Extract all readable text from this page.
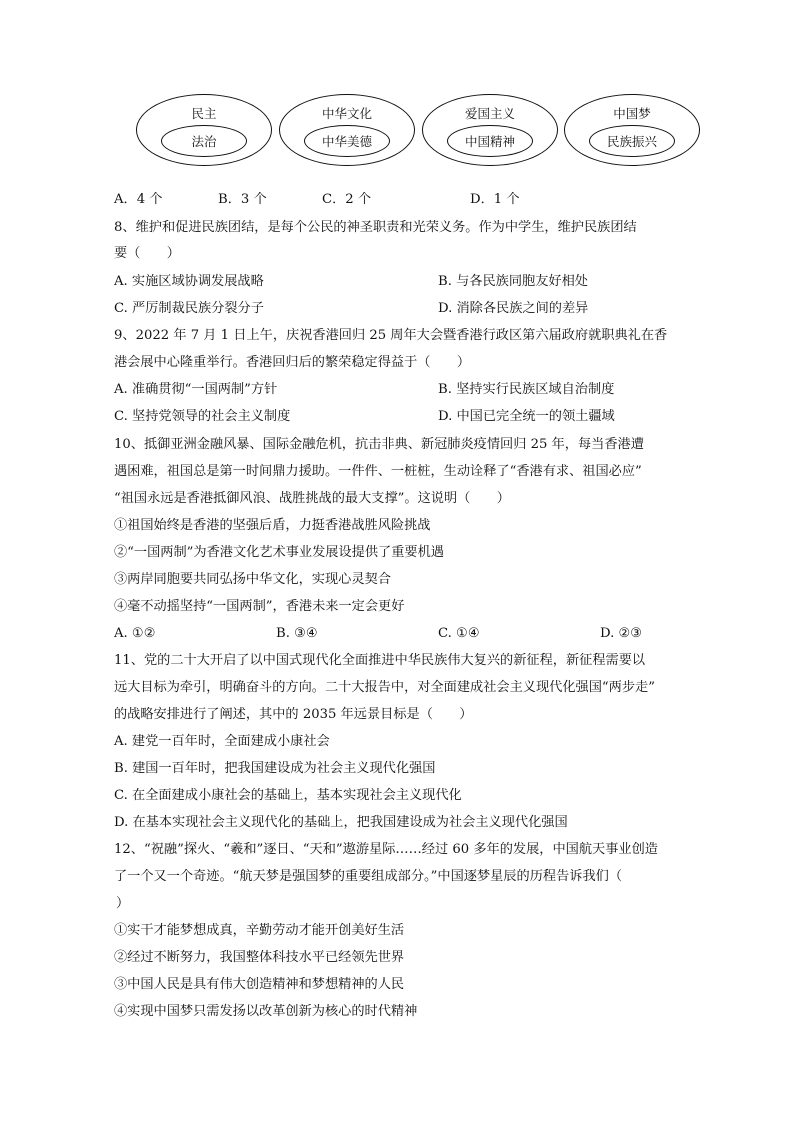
民主
法治
中华文化
中华美德
爱国主义
中国精神
中国梦
民族振兴
A．4 个	B．3 个	C．2 个	D．1 个
8、维护和促进民族团结，是每个公民的神圣职责和光荣义务。作为中学生，维护民族团结
要（　　）
A. 实施区域协调发展战略	B. 与各民族同胞友好相处
C. 严厉制裁民族分裂分子	D. 消除各民族之间的差异
9、2022 年 7 月 1 日上午，庆祝香港回归 25 周年大会暨香港行政区第六届政府就职典礼在香
港会展中心隆重举行。香港回归后的繁荣稳定得益于（　　）
A. 准确贯彻“一国两制”方针	B. 坚持实行民族区域自治制度
C. 坚持党领导的社会主义制度	D. 中国已完全统一的领土疆域
10、抵御亚洲金融风暴、国际金融危机，抗击非典、新冠肺炎疫情回归 25 年，每当香港遭
遇困难，祖国总是第一时间鼎力援助。一件件、一桩桩，生动诠释了“香港有求、祖国必应”
“祖国永远是香港抵御风浪、战胜挑战的最大支撑”。这说明（　　）
①祖国始终是香港的坚强后盾，力挺香港战胜风险挑战
②“一国两制”为香港文化艺术事业发展设提供了重要机遇
③两岸同胞要共同弘扬中华文化，实现心灵契合
④毫不动摇坚持“一国两制”，香港未来一定会更好
A. ①②	B. ③④	C. ①④	D. ②③
11、党的二十大开启了以中国式现代化全面推进中华民族伟大复兴的新征程，新征程需要以
远大目标为牵引，明确奋斗的方向。二十大报告中，对全面建成社会主义现代化强国“两步走”
的战略安排进行了阐述，其中的 2035 年远景目标是（　　）
A. 建党一百年时，全面建成小康社会
B. 建国一百年时，把我国建设成为社会主义现代化强国
C. 在全面建成小康社会的基础上，基本实现社会主义现代化
D. 在基本实现社会主义现代化的基础上，把我国建设成为社会主义现代化强国
12、“祝融”探火、“羲和”逐日、“天和”遨游星际……经过 60 多年的发展，中国航天事业创造
了一个又一个奇迹。“航天梦是强国梦的重要组成部分。”中国逐梦星辰的历程告诉我们（
）
①实干才能梦想成真，辛勤劳动才能开创美好生活
②经过不断努力，我国整体科技水平已经领先世界
③中国人民是具有伟大创造精神和梦想精神的人民
④实现中国梦只需发扬以改革创新为核心的时代精神
